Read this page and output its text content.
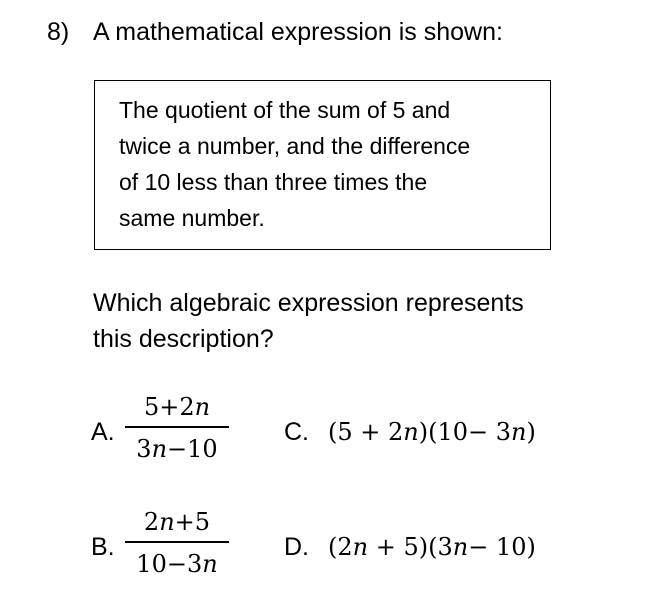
8) A mathematical expression is shown:
The quotient of the sum of 5 and
twice a number, and the difference
of 10 less than three times the
same number.
Which algebraic expression represents
this description?
A.
5+2n
3n−10
C. (5 + 2n)(10− 3n)
B.
2n+5
10−3n
D. (2n + 5)(3n− 10)
